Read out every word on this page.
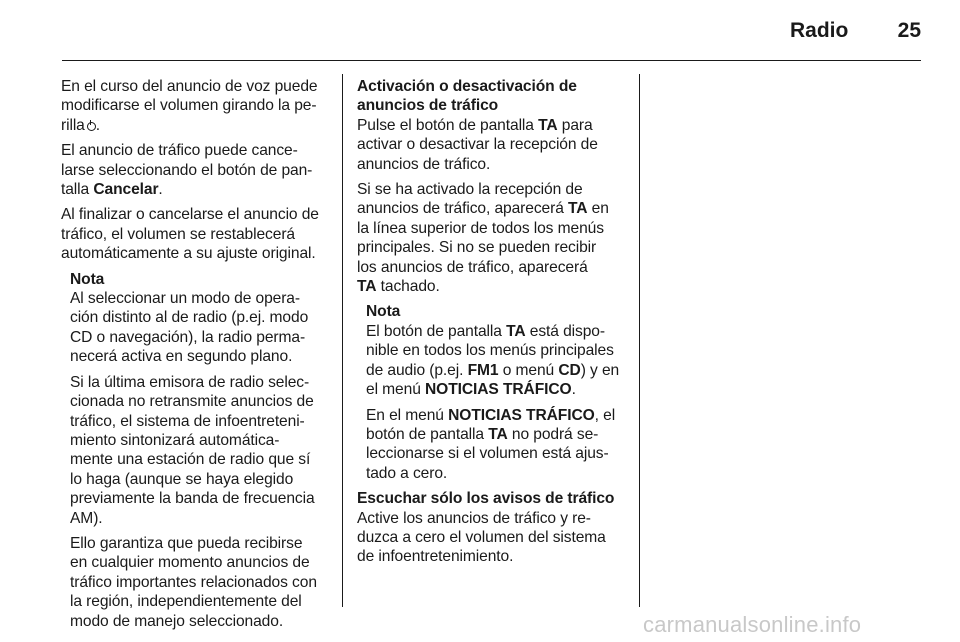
Radio	25

En el curso del anuncio de voz puede
modificarse el volumen girando la pe-
rilla .

El anuncio de tráfico puede cance-
larse seleccionando el botón de pan-
talla Cancelar.

Al finalizar o cancelarse el anuncio de
tráfico, el volumen se restablecerá
automáticamente a su ajuste original.

Nota
Al seleccionar un modo de opera-
ción distinto al de radio (p.ej. modo
CD o navegación), la radio perma-
necerá activa en segundo plano.

Si la última emisora de radio selec-
cionada no retransmite anuncios de
tráfico, el sistema de infoentreteni-
miento sintonizará automática-
mente una estación de radio que sí
lo haga (aunque se haya elegido
previamente la banda de frecuencia
AM).

Ello garantiza que pueda recibirse
en cualquier momento anuncios de
tráfico importantes relacionados con
la región, independientemente del
modo de manejo seleccionado.

Activación o desactivación de
anuncios de tráfico
Pulse el botón de pantalla TA para
activar o desactivar la recepción de
anuncios de tráfico.

Si se ha activado la recepción de
anuncios de tráfico, aparecerá TA en
la línea superior de todos los menús
principales. Si no se pueden recibir
los anuncios de tráfico, aparecerá
TA tachado.

Nota
El botón de pantalla TA está dispo-
nible en todos los menús principales
de audio (p.ej. FM1 o menú CD) y en
el menú NOTICIAS TRÁFICO.

En el menú NOTICIAS TRÁFICO, el
botón de pantalla TA no podrá se-
leccionarse si el volumen está ajus-
tado a cero.

Escuchar sólo los avisos de tráfico
Active los anuncios de tráfico y re-
duzca a cero el volumen del sistema
de infoentretenimiento.

carmanualsonline.info
